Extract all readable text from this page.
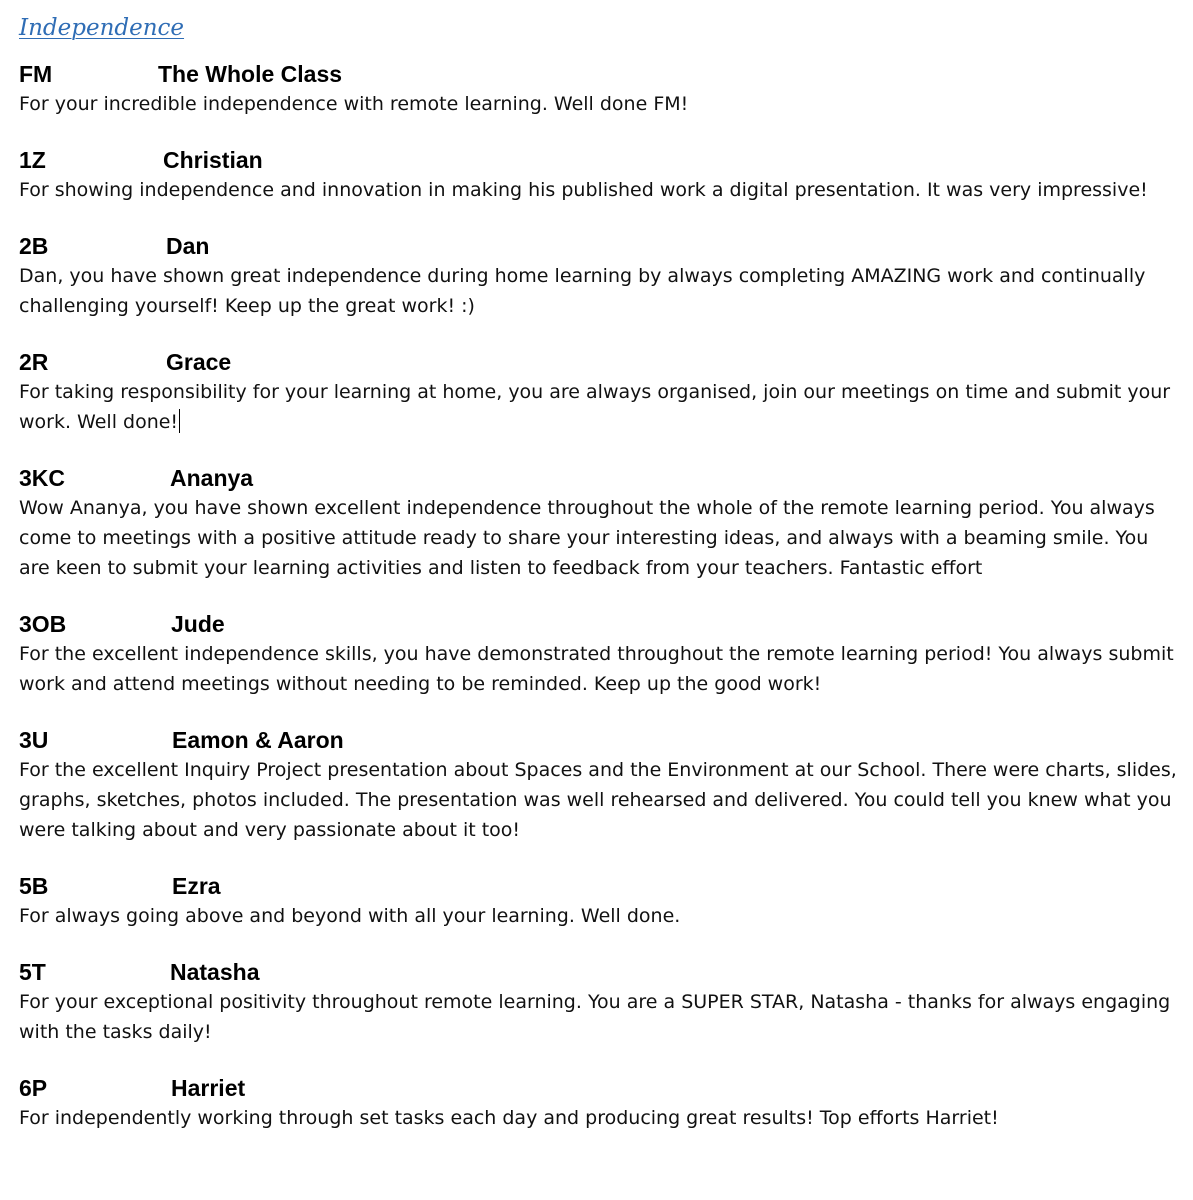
Independence
FM	The Whole Class

For your incredible independence with remote learning. Well done FM!

1Z	Christian

For showing independence and innovation in making his published work a digital presentation. It was very impressive!

2B	Dan

Dan, you have shown great independence during home learning by always completing AMAZING work and continually challenging yourself! Keep up the great work! :)

2R	Grace

For taking responsibility for your learning at home, you are always organised, join our meetings on time and submit your work. Well done!

3KC	Ananya

Wow Ananya, you have shown excellent independence throughout the whole of the remote learning period. You always come to meetings with a positive attitude ready to share your interesting ideas, and always with a beaming smile. You are keen to submit your learning activities and listen to feedback from your teachers. Fantastic effort

3OB	Jude

For the excellent independence skills, you have demonstrated throughout the remote learning period! You always submit work and attend meetings without needing to be reminded. Keep up the good work!

3U	Eamon & Aaron

For the excellent Inquiry Project presentation about Spaces and the Environment at our School. There were charts, slides, graphs, sketches, photos included. The presentation was well rehearsed and delivered. You could tell you knew what you were talking about and very passionate about it too!

5B	Ezra

For always going above and beyond with all your learning. Well done.

5T	Natasha

For your exceptional positivity throughout remote learning. You are a SUPER STAR, Natasha - thanks for always engaging with the tasks daily!

6P	Harriet

For independently working through set tasks each day and producing great results! Top efforts Harriet!
